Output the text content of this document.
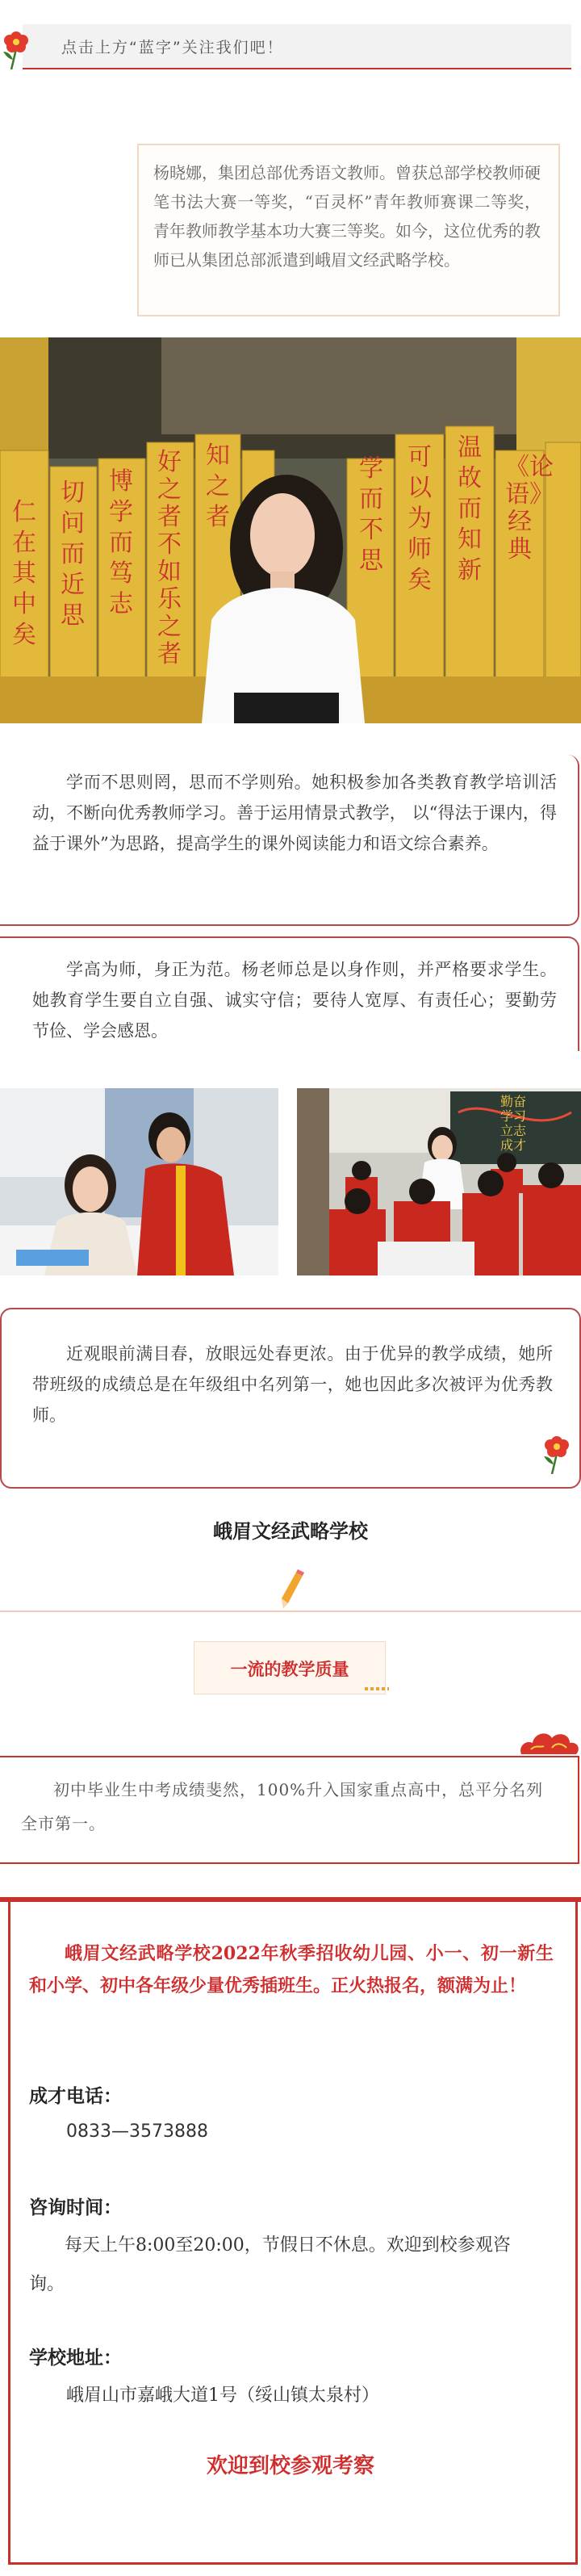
点击上方“蓝字”关注我们吧！
杨晓娜，集团总部优秀语文教师。曾获总部学校教师硬笔书法大赛一等奖，“百灵杯”青年教师赛课二等奖，青年教师教学基本功大赛三等奖。如今，这位优秀的教师已从集团总部派遣到峨眉文经武略学校。
仁在其中矣
切问而近思
博学而笃志
好之者不如乐之者
知之者
学而不思
可以为师矣
温故而知新
《论语》经典
学而不思则罔，思而不学则殆。她积极参加各类教育教学培训活动，不断向优秀教师学习。善于运用情景式教学， 以“得法于课内，得益于课外”为思路，提高学生的课外阅读能力和语文综合素养。
学高为师，身正为范。杨老师总是以身作则，并严格要求学生。她教育学生要自立自强、诚实守信；要待人宽厚、有责任心；要勤劳节俭、学会感恩。
勤奋学习立志成才
近观眼前满目春，放眼远处春更浓。由于优异的教学成绩，她所带班级的成绩总是在年级组中名列第一，她也因此多次被评为优秀教师。
峨眉文经武略学校
一流的教学质量
初中毕业生中考成绩斐然，100%升入国家重点高中，总平分名列全市第一。
峨眉文经武略学校2022年秋季招收幼儿园、小一、初一新生和小学、初中各年级少量优秀插班生。正火热报名，额满为止！
成才电话：
0833—3573888
咨询时间：
每天上午8:00至20:00，节假日不休息。欢迎到校参观咨询。
学校地址：
峨眉山市嘉峨大道1号（绥山镇太泉村）
欢迎到校参观考察
